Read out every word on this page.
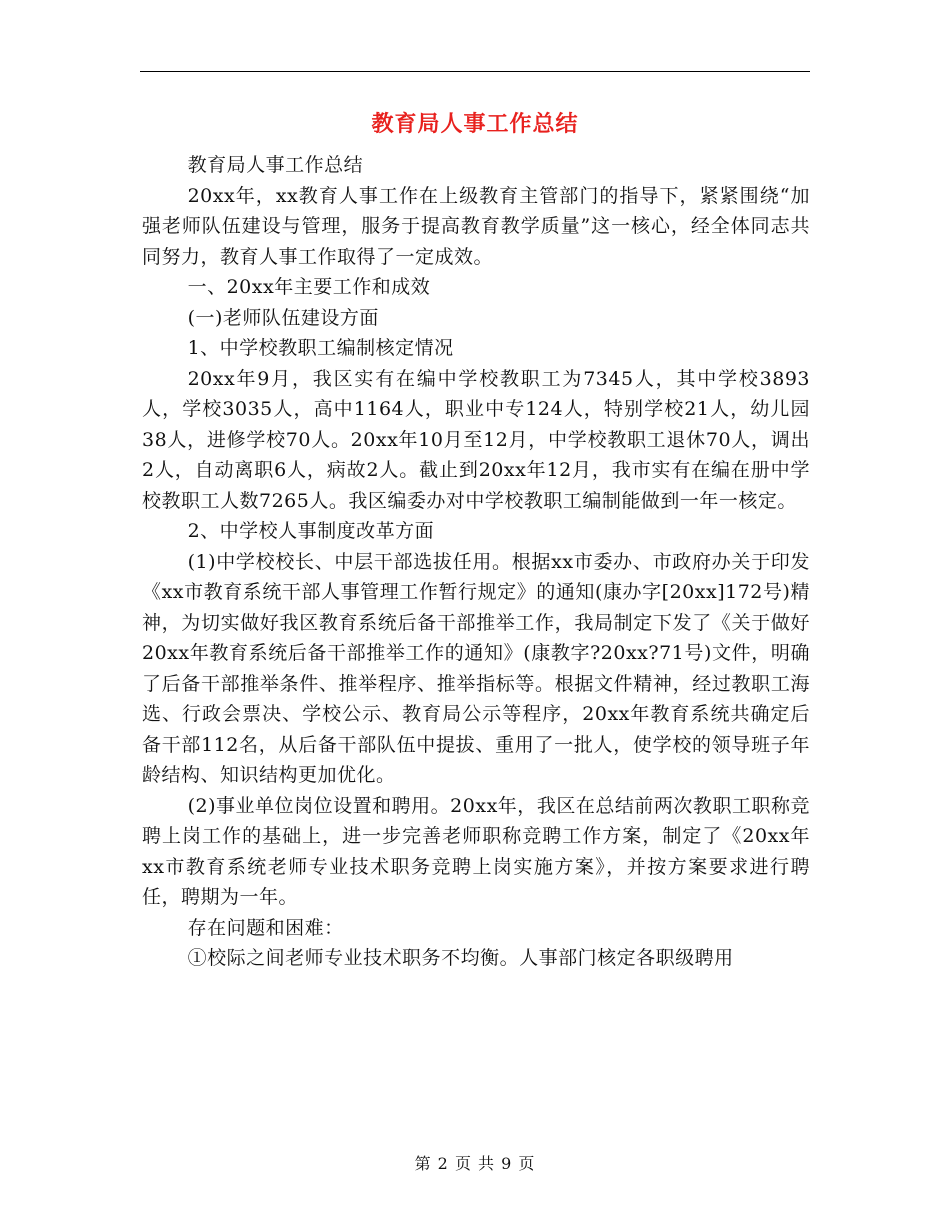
教育局人事工作总结

教育局人事工作总结

20xx年，xx教育人事工作在上级教育主管部门的指导下，紧紧围绕“加强老师队伍建设与管理，服务于提高教育教学质量”这一核心，经全体同志共同努力，教育人事工作取得了一定成效。

一、20xx年主要工作和成效

(一)老师队伍建设方面

1、中学校教职工编制核定情况

20xx年9月，我区实有在编中学校教职工为7345人，其中学校3893人，学校3035人，高中1164人，职业中专124人，特别学校21人，幼儿园38人，进修学校70人。20xx年10月至12月，中学校教职工退休70人，调出2人，自动离职6人，病故2人。截止到20xx年12月，我市实有在编在册中学校教职工人数7265人。我区编委办对中学校教职工编制能做到一年一核定。

2、中学校人事制度改革方面

(1)中学校校长、中层干部选拔任用。根据xx市委办、市政府办关于印发《xx市教育系统干部人事管理工作暂行规定》的通知(康办字[20xx]172号)精神，为切实做好我区教育系统后备干部推举工作，我局制定下发了《关于做好20xx年教育系统后备干部推举工作的通知》(康教字?20xx?71号)文件，明确了后备干部推举条件、推举程序、推举指标等。根据文件精神，经过教职工海选、行政会票决、学校公示、教育局公示等程序，20xx年教育系统共确定后备干部112名，从后备干部队伍中提拔、重用了一批人，使学校的领导班子年龄结构、知识结构更加优化。

(2)事业单位岗位设置和聘用。20xx年，我区在总结前两次教职工职称竞聘上岗工作的基础上，进一步完善老师职称竞聘工作方案，制定了《20xx年xx市教育系统老师专业技术职务竞聘上岗实施方案》，并按方案要求进行聘任，聘期为一年。

存在问题和困难：

①校际之间老师专业技术职务不均衡。人事部门核定各职级聘用

第 2 页 共 9 页
